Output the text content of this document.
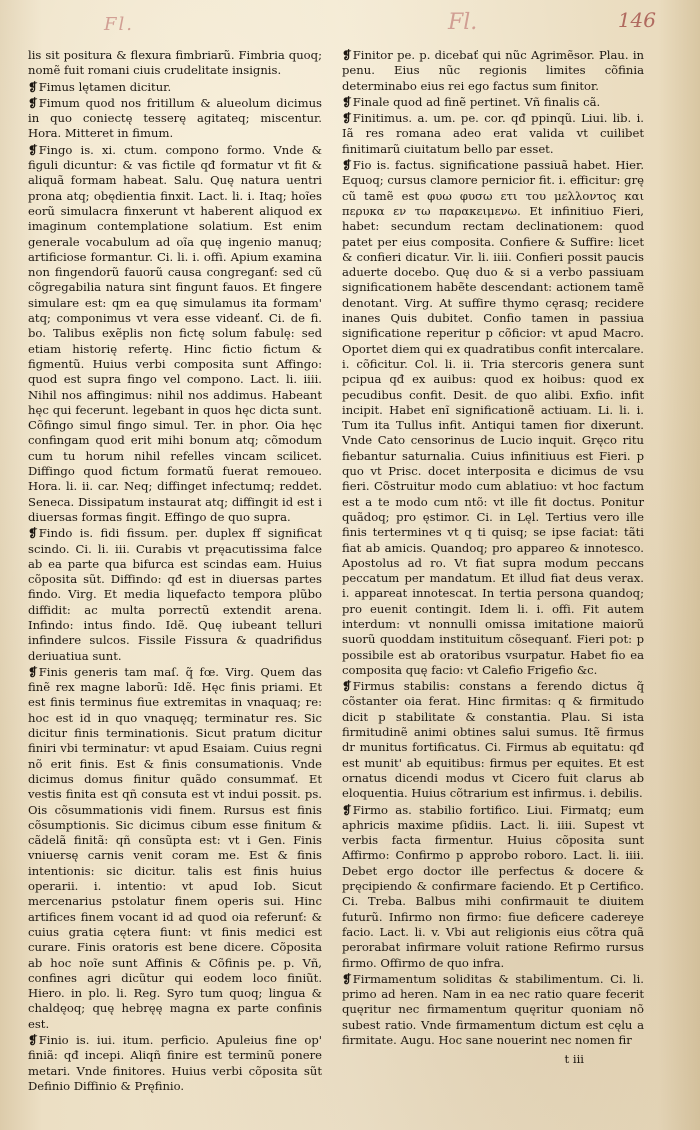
Fl.	Fl.	146

lis sit positura & flexura fimbriarũ. Fimbria quoq; nomẽ fuit romani ciuis crudelitate insignis.

❡Fimus lętamen dicitur.

❡Fimum quod nos fritillum & alueolum dicimus in quo coniectę tesserę agitateq; miscentur. Hora. Mitteret in fimum.

❡Fingo is. xi. ctum. compono formo. Vnde & figuli dicuntur: & vas fictile qđ formatur vt fit & aliquã formam habeat. Salu. Quę natura uentri prona atq; obędientia finxit. Lact. li. i. Itaq; hoĩes eorũ simulacra finxerunt vt haberent aliquod ex imaginum contemplatione solatium. Est enim generale vocabulum ad oĩa quę ingenio manuq; artificiose formantur. Ci. li. i. offi. Apium examina non fingendorũ fauorũ causa congreganť: sed cũ cõgregabilia natura sint fingunt fauos. Et fingere simulare est: qm ea quę simulamus ita formam' atq; componimus vt vera esse videanť. Ci. de fi. bo. Talibus exẽplis non fictę solum fabulę: sed etiam historię refertę. Hinc fictio fictum & figmentũ. Huius verbi composita sunt Affingo: quod est supra fingo vel compono. Lact. li. iiii. Nihil nos affingimus: nihil nos addimus. Habeant hęc qui fecerunt. legebant in quos hęc dicta sunt. Cõfingo simul fingo simul. Ter. in phor. Oia hęc confingam quod erit mihi bonum atq; cõmodum cum tu horum nihil refelles vincam scilicet. Diffingo quod fictum formatũ fuerat remoueo. Hora. li. ii. car. Neq; diffinget infectumq; reddet. Seneca. Dissipatum instaurat atq; diffingit id est i diuersas formas fingit. Effingo de quo supra.

❡Findo is. fidi fissum. per. duplex ff significat scindo. Ci. li. iii. Curabis vt pręacutissima falce ab ea parte qua bifurca est scindas eam. Huius cõposita sũt. Diffindo: qđ est in diuersas partes findo. Virg. Et media liquefacto tempora plũbo diffidit: ac multa porrectũ extendit arena. Infindo: intus findo. Idẽ. Quę iubeant telluri infindere sulcos. Fissile Fissura & quadrifidus deriuatiua sunt.

❡Finis generis tam maſ. q̃ fœ. Virg. Quem das finẽ rex magne laborũ: Idẽ. Hęc finis priami. Et est finis terminus fiue extremitas in vnaquaq; re: hoc est id in quo vnaquęq; terminatur res. Sic dicitur finis terminationis. Sicut pratum dicitur finiri vbi terminatur: vt apud Esaiam. Cuius regni nõ erit finis. Est & finis consumationis. Vnde dicimus domus finitur quãdo consummať. Et vestis finita est qñ consuta est vt indui possit. ps. Ois cõsummationis vidi finem. Rursus est finis cõsumptionis. Sic dicimus cibum esse finitum & cãdelã finitã: qñ consũpta est: vt i Gen. Finis vniuersę carnis venit coram me. Est & finis intentionis: sic dicitur. talis est finis huius operarii. i. intentio: vt apud Iob. Sicut mercenarius pstolatur finem operis sui. Hinc artifices finem vocant id ad quod oia referunť: & cuius gratia cętera fiunt: vt finis medici est curare. Finis oratoris est bene dicere. Cõposita ab hoc noĩe sunt Affinis & Cõfinis pe. p. Vñ, confines agri dicũtur qui eodem loco finiũt. Hiero. in plo. li. Reg. Syro tum quoq; lingua & chaldęoq; quę hebręę magna ex parte confinis est.

❡Finio is. iui. itum. perficio. Apuleius fine op' finiã: qđ incepi. Aliqñ finire est terminũ ponere metari. Vnde finitores. Huius verbi cõposita sũt Definio Diffinio & Pręfinio.

❡Finitor pe. p. dicebať qui nũc Agrimẽsor. Plau. in penu. Eius nũc regionis limites cõfinia determinabo eius rei ego factus sum finitor.

❡Finale quod ad finẽ pertinet. Vñ finalis cã.

❡Finitimus. a. um. pe. cor. qđ ppinqũ. Liui. lib. i. Iã res romana adeo erat valida vt cuilibet finitimarũ ciuitatum bello par esset.

❡Fio is. factus. significatione passiuã habet. Hier. Equoq; cursus clamore pernicior fit. i. efficitur: grę cũ tamẽ est φυω φυσω ετι του μελλοντος και περυκα εν τω παρακειμενω. Et infinitiuo Fieri, habet: secundum rectam declinationem: quod patet per eius composita. Confiere & Suffire: licet & confieri dicatur. Vir. li. iiii. Confieri possit paucis aduerte docebo. Quę duo & si a verbo passiuam significationem habẽte descendant: actionem tamẽ denotant. Virg. At suffire thymo cęrasq; recidere inanes Quis dubitet. Confio tamen in passiua significatione reperitur p cõficior: vt apud Macro. Oportet diem qui ex quadratibus confit intercalare. i. cõficitur. Col. li. ii. Tria stercoris genera sunt pcipua qđ ex auibus: quod ex hoibus: quod ex pecudibus confit. Desit. de quo alibi. Exfio. infit incipit. Habet enĩ significationẽ actiuam. Li. li. i. Tum ita Tullus infit. Antiqui tamen fior dixerunt. Vnde Cato censorinus de Lucio inquit. Gręco ritu fiebantur saturnalia. Cuius infinitiuus est Fieri. p quo vt Prisc. docet interposita e dicimus de vsu fieri. Cõstruitur modo cum ablatiuo: vt hoc factum est a te modo cum ntõ: vt ille fit doctus. Ponitur quãdoq; pro ęstimor. Ci. in Lęl. Tertius vero ille finis tertermines vt q ti quisq; se ipse faciat: tãti fiat ab amicis. Quandoq; pro appareo & innotesco. Apostolus ad ro. Vt fiat supra modum peccans peccatum per mandatum. Et illud fiat deus verax. i. appareat innotescat. In tertia persona quandoq; pro euenit contingit. Idem li. i. offi. Fit autem interdum: vt nonnulli omissa imitatione maiorũ suorũ quoddam instituitum cõsequanť. Fieri pot: p possibile est ab oratoribus vsurpatur. Habet fio ea composita quę facio: vt Calefio Frigefio &c.

❡Firmus stabilis: constans a ferendo dictus q̃ cõstanter oia ferat. Hinc firmitas: q & firmitudo dicit p stabilitate & constantia. Plau. Si ista firmitudinẽ animi obtines salui sumus. Itẽ firmus dr munitus fortificatus. Ci. Firmus ab equitatu: qđ est munit' ab equitibus: firmus per equites. Et est ornatus dicendi modus vt Cicero fuit clarus ab eloquentia. Huius cõtrarium est infirmus. i. debilis.

❡Firmo as. stabilio fortifico. Liui. Firmatq; eum aphricis maxime pſidiis. Lact. li. iiii. Supest vt verbis facta firmentur. Huius cõposita sunt Affirmo: Confirmo p approbo roboro. Lact. li. iiii. Debet ergo doctor ille perfectus & docere & pręcipiendo & confirmare faciendo. Et p Certifico. Ci. Treba. Balbus mihi confirmauit te diuitem futurũ. Infirmo non firmo: fiue deficere cadereye facio. Lact. li. v. Vbi aut religionis eius cõtra quã perorabat infirmare voluit ratione Refirmo rursus firmo. Offirmo de quo infra.

❡Firmamentum soliditas & stabilimentum. Ci. li. primo ad heren. Nam in ea nec ratio quare fecerit quęritur nec firmamentum quęritur quoniam nõ subest ratio. Vnde firmamentum dictum est cęlu a firmitate. Augu. Hoc sane nouerint nec nomen fir

t iii
